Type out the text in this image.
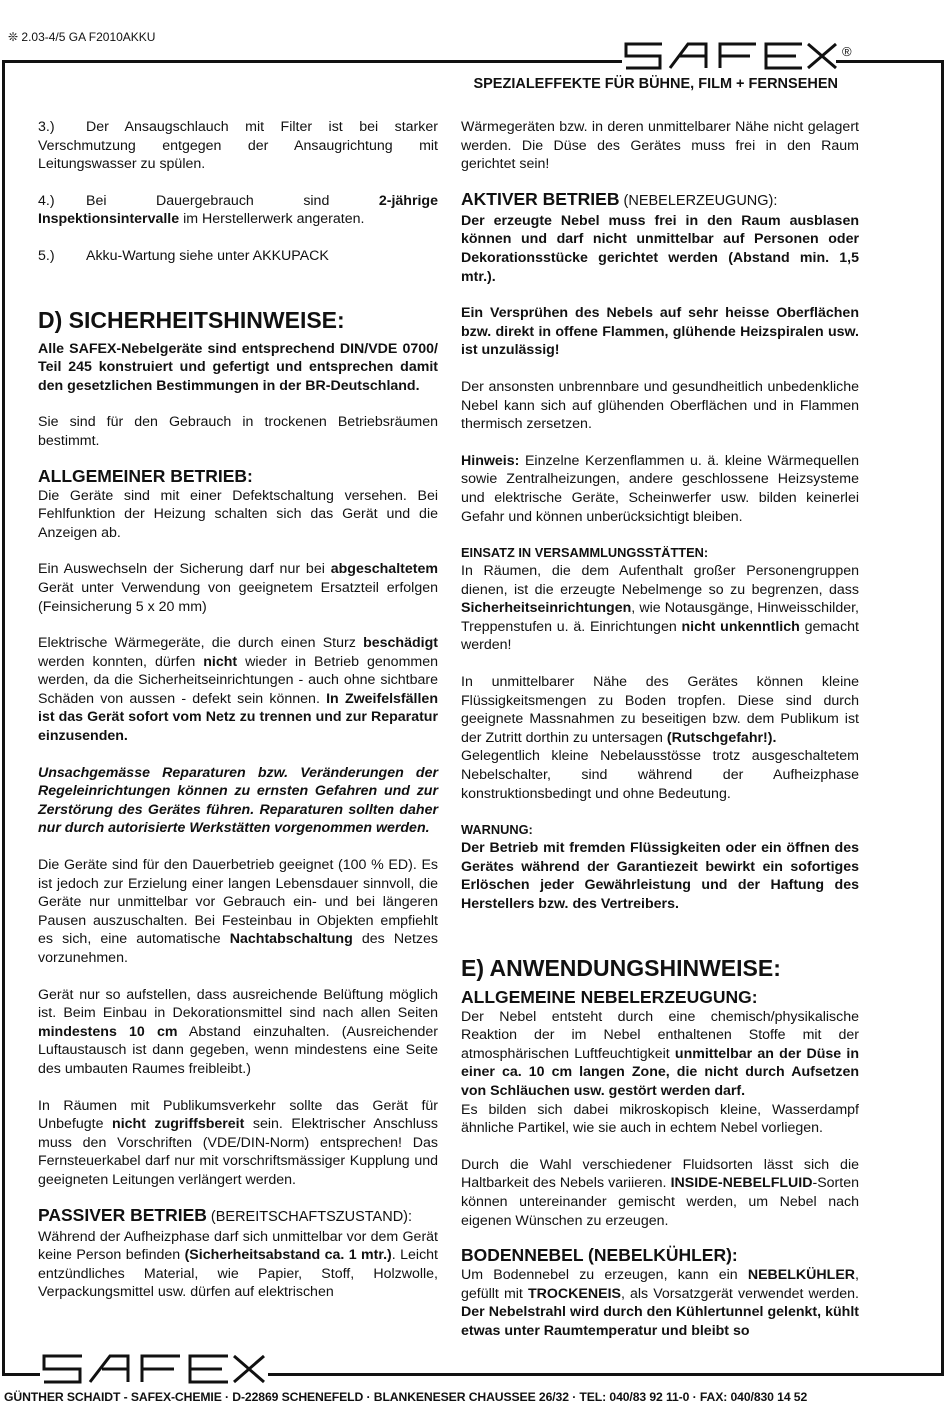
❊ 2.03-4/5 GA F2010AKKU
®
SPEZIALEFFEKTE FÜR BÜHNE, FILM + FERNSEHEN

3.) Der Ansaugschlauch mit Filter ist bei starker Verschmutzung entgegen der Ansaugrichtung mit Leitungswasser zu spülen.

4.) Bei Dauergebrauch sind 2-jährige Inspektionsintervalle im Herstellerwerk angeraten.

5.) Akku-Wartung siehe unter AKKUPACK

D) SICHERHEITSHINWEISE:

Alle SAFEX-Nebelgeräte sind entsprechend DIN/VDE 0700/ Teil 245 konstruiert und gefertigt und entsprechen damit den gesetzlichen Bestimmungen in der BR-Deutschland.

Sie sind für den Gebrauch in trockenen Betriebsräumen bestimmt.

ALLGEMEINER BETRIEB:

Die Geräte sind mit einer Defektschaltung versehen. Bei Fehlfunktion der Heizung schalten sich das Gerät und die Anzeigen ab.

Ein Auswechseln der Sicherung darf nur bei abgeschaltetem Gerät unter Verwendung von geeignetem Ersatzteil erfolgen (Feinsicherung 5 x 20 mm)

Elektrische Wärmegeräte, die durch einen Sturz beschädigt werden konnten, dürfen nicht wieder in Betrieb genommen werden, da die Sicherheitseinrichtungen - auch ohne sichtbare Schäden von aussen - defekt sein können. In Zweifelsfällen ist das Gerät sofort vom Netz zu trennen und zur Reparatur einzusenden.

Unsachgemässe Reparaturen bzw. Veränderungen der Regeleinrichtungen können zu ernsten Gefahren und zur Zerstörung des Gerätes führen. Reparaturen sollten daher nur durch autorisierte Werkstätten vorgenommen werden.

Die Geräte sind für den Dauerbetrieb geeignet (100 % ED). Es ist jedoch zur Erzielung einer langen Lebensdauer sinnvoll, die Geräte nur unmittelbar vor Gebrauch ein- und bei längeren Pausen auszuschalten. Bei Festeinbau in Objekten empfiehlt es sich, eine automatische Nachtabschaltung des Netzes vorzunehmen.

Gerät nur so aufstellen, dass ausreichende Belüftung möglich ist. Beim Einbau in Dekorationsmittel sind nach allen Seiten mindestens 10 cm Abstand einzuhalten. (Ausreichender Luftaustausch ist dann gegeben, wenn mindestens eine Seite des umbauten Raumes freibleibt.)

In Räumen mit Publikumsverkehr sollte das Gerät für Unbefugte nicht zugriffsbereit sein. Elektrischer Anschluss muss den Vorschriften (VDE/DIN-Norm) entsprechen! Das Fernsteuerkabel darf nur mit vorschriftsmässiger Kupplung und geeigneten Leitungen verlängert werden.

PASSIVER BETRIEB (BEREITSCHAFTSZUSTAND):

Während der Aufheizphase darf sich unmittelbar vor dem Gerät keine Person befinden (Sicherheitsabstand ca. 1 mtr.). Leicht entzündliches Material, wie Papier, Stoff, Holzwolle, Verpackungsmittel usw. dürfen auf elektrischen

Wärmegeräten bzw. in deren unmittelbarer Nähe nicht gelagert werden. Die Düse des Gerätes muss frei in den Raum gerichtet sein!

AKTIVER BETRIEB (NEBELERZEUGUNG):

Der erzeugte Nebel muss frei in den Raum ausblasen können und darf nicht unmittelbar auf Personen oder Dekorationsstücke gerichtet werden (Abstand min. 1,5 mtr.).

Ein Versprühen des Nebels auf sehr heisse Oberflächen bzw. direkt in offene Flammen, glühende Heizspiralen usw. ist unzulässig!

Der ansonsten unbrennbare und gesundheitlich unbedenkliche Nebel kann sich auf glühenden Oberflächen und in Flammen thermisch zersetzen.

Hinweis: Einzelne Kerzenflammen u. ä. kleine Wärmequellen sowie Zentralheizungen, andere geschlossene Heizsysteme und elektrische Geräte, Scheinwerfer usw. bilden keinerlei Gefahr und können unberücksichtigt bleiben.

EINSATZ IN VERSAMMLUNGSSTÄTTEN:

In Räumen, die dem Aufenthalt großer Personengruppen dienen, ist die erzeugte Nebelmenge so zu begrenzen, dass Sicherheitseinrichtungen, wie Notausgänge, Hinweisschilder, Treppenstufen u. ä. Einrichtungen nicht unkenntlich gemacht werden!

In unmittelbarer Nähe des Gerätes können kleine Flüssigkeitsmengen zu Boden tropfen. Diese sind durch geeignete Massnahmen zu beseitigen bzw. dem Publikum ist der Zutritt dorthin zu untersagen (Rutschgefahr!).

Gelegentlich kleine Nebelausstösse trotz ausgeschaltetem Nebelschalter, sind während der Aufheizphase konstruktionsbedingt und ohne Bedeutung.

WARNUNG:

Der Betrieb mit fremden Flüssigkeiten oder ein öffnen des Gerätes während der Garantiezeit bewirkt ein sofortiges Erlöschen jeder Gewährleistung und der Haftung des Herstellers bzw. des Vertreibers.

E) ANWENDUNGSHINWEISE:
ALLGEMEINE NEBELERZEUGUNG:

Der Nebel entsteht durch eine chemisch/physikalische Reaktion der im Nebel enthaltenen Stoffe mit der atmosphärischen Luftfeuchtigkeit unmittelbar an der Düse in einer ca. 10 cm langen Zone, die nicht durch Aufsetzen von Schläuchen usw. gestört werden darf.

Es bilden sich dabei mikroskopisch kleine, Wasserdampf ähnliche Partikel, wie sie auch in echtem Nebel vorliegen.

Durch die Wahl verschiedener Fluidsorten lässt sich die Haltbarkeit des Nebels variieren. INSIDE-NEBELFLUID-Sorten können untereinander gemischt werden, um Nebel nach eigenen Wünschen zu erzeugen.

BODENNEBEL (NEBELKÜHLER):

Um Bodennebel zu erzeugen, kann ein NEBELKÜHLER, gefüllt mit TROCKENEIS, als Vorsatzgerät verwendet werden. Der Nebelstrahl wird durch den Kühlertunnel gelenkt, kühlt etwas unter Raumtemperatur und bleibt so

GÜNTHER SCHAIDT - SAFEX-CHEMIE · D-22869 SCHENEFELD · BLANKENESER CHAUSSEE 26/32 · TEL: 040/83 92 11-0 · FAX: 040/830 14 52
